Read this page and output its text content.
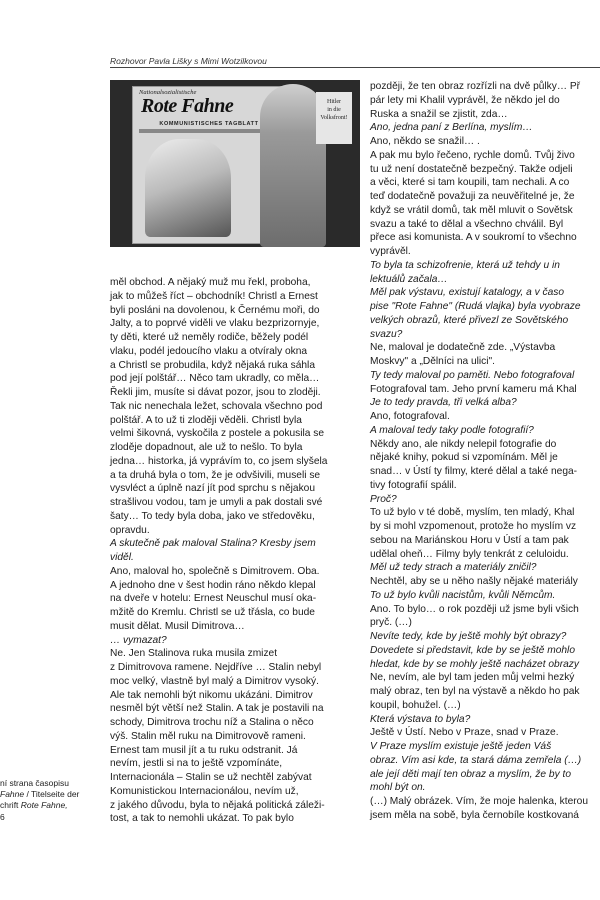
Rozhovor Pavla Lišky s Mimi Wotzilkovou
Nationalsozialistische
Rote Fahne
KOMMUNISTISCHES TAGBLATT
Hitler
in die
Volksfront!
měl obchod. A nějaký muž mu řekl, proboha,
jak to můžeš říct – obchodník! Christl a Ernest
byli posláni na dovolenou, k Černému moři, do
Jalty, a to poprvé viděli ve vlaku bezprizornyje,
ty děti, které už neměly rodiče, běžely podél
vlaku, podél jedoucího vlaku a otvíraly okna
a Christl se probudila, když nějaká ruka sáhla
pod její polštář… Něco tam ukradly, co měla…
Řekli jim, musíte si dávat pozor, jsou to zloději.
Tak nic nenechala ležet, schovala všechno pod
polštář. A to už ti zloději věděli. Christl byla
velmi šikovná, vyskočila z postele a pokusila se
zloděje dopadnout, ale už to nešlo. To byla
jedna… historka, já vyprávím to, co jsem slyšela
a ta druhá byla o tom, že je odvšivili, museli se
vysvléct a úplně nazí jít pod sprchu s nějakou
strašlivou vodou, tam je umyli a pak dostali své
šaty… To tedy byla doba, jako ve středověku,
opravdu.
A skutečně pak maloval Stalina? Kresby jsem
viděl.
Ano, maloval ho, společně s Dimitrovem. Oba.
A jednoho dne v šest hodin ráno někdo klepal
na dveře v hotelu: Ernest Neuschul musí oka-
mžitě do Kremlu. Christl se už třásla, co bude
musit dělat. Musil Dimitrova…
… vymazat?
Ne. Jen Stalinova ruka musila zmizet
z Dimitrovova ramene. Nejdříve … Stalin nebyl
moc velký, vlastně byl malý a Dimitrov vysoký.
Ale tak nemohli být nikomu ukázáni. Dimitrov
nesměl být větší než Stalin. A tak je postavili na
schody, Dimitrova trochu níž a Stalina o něco
výš. Stalin měl ruku na Dimitrovově rameni.
Ernest tam musil jít a tu ruku odstranit. Já
nevím, jestli si na to ještě vzpomínáte,
Internacionála – Stalin se už nechtěl zabývat
Komunistickou Internacionálou, nevím už,
z jakého důvodu, byla to nějaká politická záleži-
tost, a tak to nemohli ukázat. To pak bylo
později, že ten obraz rozřízli na dvě půlky… Př
pár lety mi Khalil vyprávěl, že někdo jel do
Ruska a snažil se zjistit, zda…
Ano, jedna paní z Berlína, myslím…
Ano, někdo se snažil… .
A pak mu bylo řečeno, rychle domů. Tvůj živo
tu už není dostatečně bezpečný. Takže odjeli
a věci, které si tam koupili, tam nechali. A co
teď dodatečně považuji za neuvěřitelné je, že
když se vrátil domů, tak měl mluvit o Sovětsk
svazu a také to dělal a všechno chválil. Byl
přece asi komunista. A v soukromí to všechno
vyprávěl.
To byla ta schizofrenie, která už tehdy u in
lektuálů začala…
Měl pak výstavu, existují katalogy, a v časo
pise "Rote Fahne" (Rudá vlajka) byla vyobraze
velkých obrazů, které přivezl ze Sovětského
svazu?
Ne, maloval je dodatečně zde. „Výstavba
Moskvy" a „Dělníci na ulici".
Ty tedy maloval po paměti. Nebo fotografoval
Fotografoval tam. Jeho první kameru má Khal
Je to tedy pravda, tři velká alba?
Ano, fotografoval.
A maloval tedy taky podle fotografií?
Někdy ano, ale nikdy nelepil fotografie do
nějaké knihy, pokud si vzpomínám. Měl je
snad… v Ústí ty filmy, které dělal a také nega-
tivy fotografií spálil.
Proč?
To už bylo v té době, myslím, ten mladý, Khal
by si mohl vzpomenout, protože ho myslím vz
sebou na Mariánskou Horu v Ústí a tam pak
udělal oheň… Filmy byly tenkrát z celuloidu.
Měl už tedy strach a materiály zničil?
Nechtěl, aby se u něho našly nějaké materiály
To už bylo kvůli nacistům, kvůli Němcům.
Ano. To bylo… o rok později už jsme byli všich
pryč. (…)
Nevíte tedy, kde by ještě mohly být obrazy?
Dovedete si představit, kde by se ještě mohlo
hledat, kde by se mohly ještě nacházet obrazy
Ne, nevím, ale byl tam jeden můj velmi hezký
malý obraz, ten byl na výstavě a někdo ho pak
koupil, bohužel. (…)
Která výstava to byla?
Ještě v Ústí. Nebo v Praze, snad v Praze.
V Praze myslím existuje ještě jeden Váš
obraz. Vím asi kde, ta stará dáma zemřela (…)
ale její děti mají ten obraz a myslím, že by to
mohl být on.
(…) Malý obrázek. Vím, že moje halenka, kterou
jsem měla na sobě, byla černobíle kostkovaná
ní strana časopisu
Fahne / Titelseite der
chrift Rote Fahne,
6
